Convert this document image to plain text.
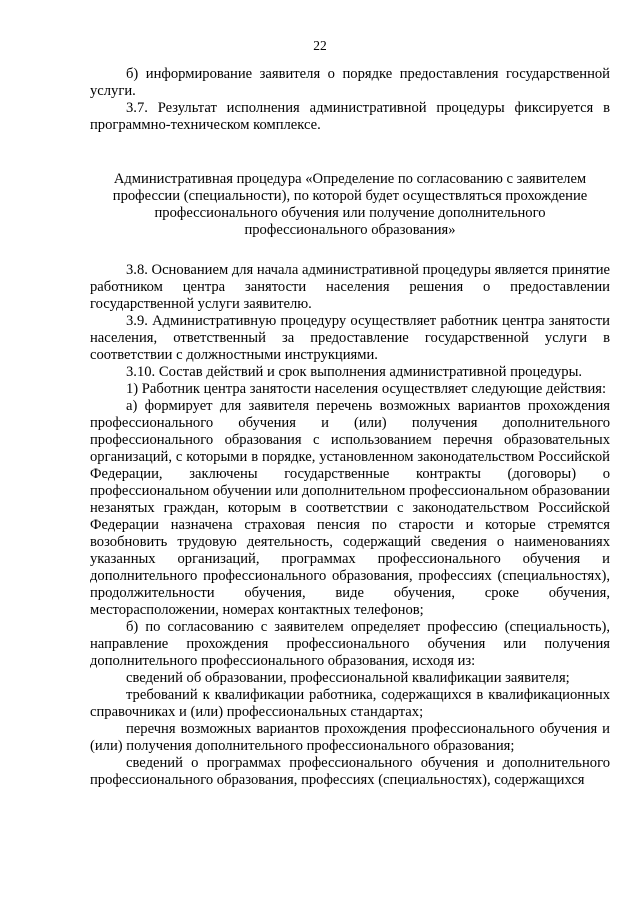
22

б) информирование заявителя о порядке предоставления государственной услуги.

3.7. Результат исполнения административной процедуры фиксируется в программно-техническом комплексе.

Административная процедура «Определение по согласованию с заявителем профессии (специальности), по которой будет осуществляться прохождение профессионального обучения или получение дополнительного профессионального образования»

3.8. Основанием для начала административной процедуры является принятие работником центра занятости населения решения о предоставлении государственной услуги заявителю.

3.9. Административную процедуру осуществляет работник центра занятости населения, ответственный за предоставление государственной услуги в соответствии с должностными инструкциями.

3.10. Состав действий и срок выполнения административной процедуры.

1) Работник центра занятости населения осуществляет следующие действия:

а) формирует для заявителя перечень возможных вариантов прохождения профессионального обучения и (или) получения дополнительного профессионального образования с использованием перечня образовательных организаций, с которыми в порядке, установленном законодательством Российской Федерации, заключены государственные контракты (договоры) о профессиональном обучении или дополнительном профессиональном образовании незанятых граждан, которым в соответствии с законодательством Российской Федерации назначена страховая пенсия по старости и которые стремятся возобновить трудовую деятельность, содержащий сведения о наименованиях указанных организаций, программах профессионального обучения и дополнительного профессионального образования, профессиях (специальностях), продолжительности обучения, виде обучения, сроке обучения, месторасположении, номерах контактных телефонов;

б) по согласованию с заявителем определяет профессию (специальность), направление прохождения профессионального обучения или получения дополнительного профессионального образования, исходя из:

сведений об образовании, профессиональной квалификации заявителя;

требований к квалификации работника, содержащихся в квалификационных справочниках и (или) профессиональных стандартах;

перечня возможных вариантов прохождения профессионального обучения и (или) получения дополнительного профессионального образования;

сведений о программах профессионального обучения и дополнительного профессионального образования, профессиях (специальностях), содержащихся
